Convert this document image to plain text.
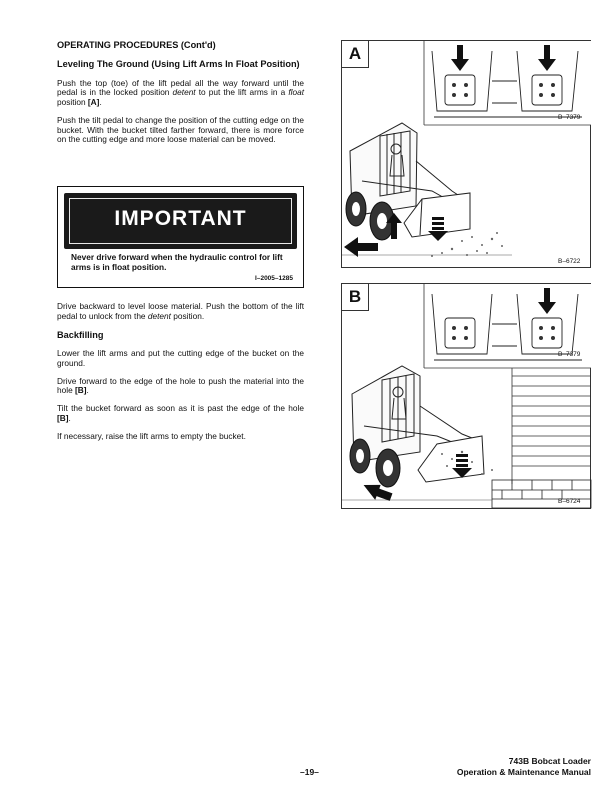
OPERATING PROCEDURES (Cont'd)
Leveling The Ground (Using Lift Arms In Float Position)

Push the top (toe) of the lift pedal all the way forward until the pedal is in the locked position detent to put the lift arms in a float position [A].

Push the tilt pedal to change the position of the cutting edge on the bucket. With the bucket tilted farther forward, there is more force on the cutting edge and more loose material can be moved.

IMPORTANT
Never drive forward when the hydraulic control for lift arms is in float position.
I–2005–1285

Drive backward to level loose material. Push the bottom of the lift pedal to unlock from the detent position.

Backfilling

Lower the lift arms and put the cutting edge of the bucket on the ground.

Drive forward to the edge of the hole to push the material into the hole [B].

Tilt the bucket forward as soon as it is past the edge of the hole [B].

If necessary, raise the lift arms to empty the bucket.

A
B–7379
B–6722
B
B–7379
B–6724
–19–
743B Bobcat Loader
Operation & Maintenance Manual
